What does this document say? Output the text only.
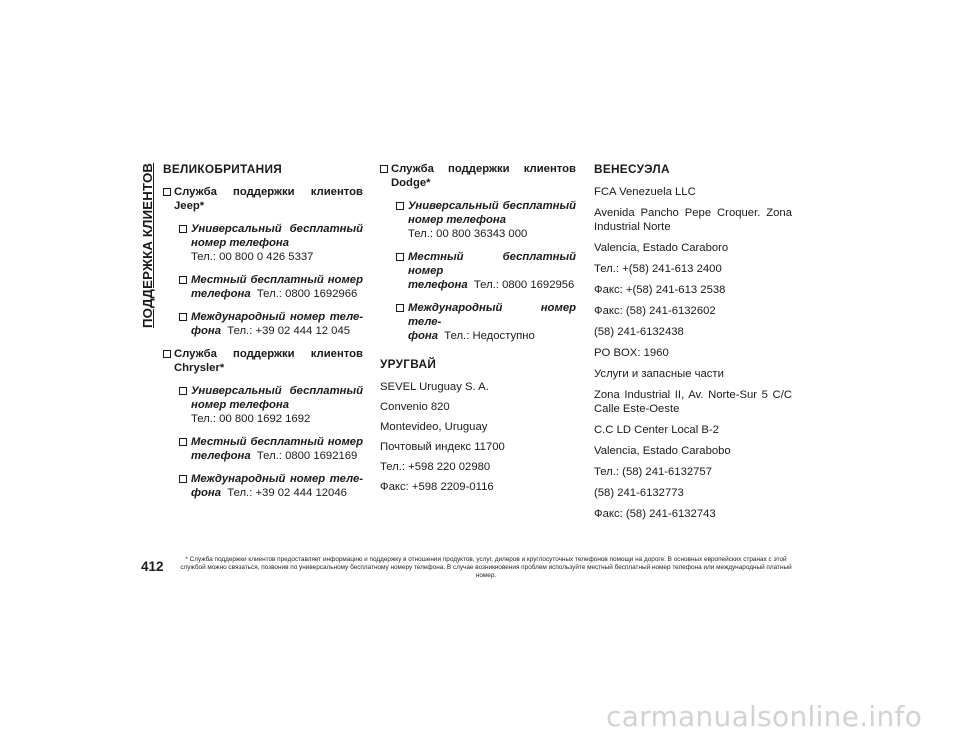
ПОДДЕРЖКА КЛИЕНТОВ ВЕЛИКОБРИТАНИЯ
Служба поддержки клиентов Jeep*
Универсальный бесплатный
номер телефона
Тел.: 00 800 0 426 5337
Местный бесплатный номер
телефона Тел.: 0800 1692966
Международный номер теле-
фона Тел.: +39 02 444 12 045
Служба поддержки клиентов Chrysler*
Универсальный бесплатный
номер телефона
Тел.: 00 800 1692 1692
Местный бесплатный номер
телефона Тел.: 0800 1692169
Международный номер теле-
фона Тел.: +39 02 444 12046
Служба поддержки клиентов Dodge*
Универсальный бесплатный
номер телефона
Тел.: 00 800 36343 000
Местный бесплатный номер
телефона Тел.: 0800 1692956
Международный номер теле-
фона Тел.: Недоступно
УРУГВАЙ
SEVEL Uruguay S. A.
Convenio 820
Montevideo, Uruguay
Почтовый индекс 11700
Тел.: +598 220 02980
Факс: +598 2209-0116
ВЕНЕСУЭЛА
FCA Venezuela LLC
Avenida Pancho Pepe Croquer. Zona Industrial Norte
Valencia, Estado Caraboro
Тел.: +(58) 241-613 2400
Факс: +(58) 241-613 2538
Факс: (58) 241-6132602
(58) 241-6132438
PO BOX: 1960
Услуги и запасные части
Zona Industrial II, Av. Norte-Sur 5 C/C Calle Este-Oeste
C.C LD Center Local B-2
Valencia, Estado Carabobo
Тел.: (58) 241-6132757
(58) 241-6132773
Факс: (58) 241-6132743
412	* Служба поддержки клиентов предоставляет информацию и поддержку в отношении продуктов, услуг, дилеров и круглосуточных телефонов помощи на дороге. В основных европейских странах с этой службой можно связаться, позвонив по универсальному бесплатному номеру телефона. В случае возникновения проблем используйте местный бесплатный номер телефона или международный платный номер.
carmanualsonline.info
